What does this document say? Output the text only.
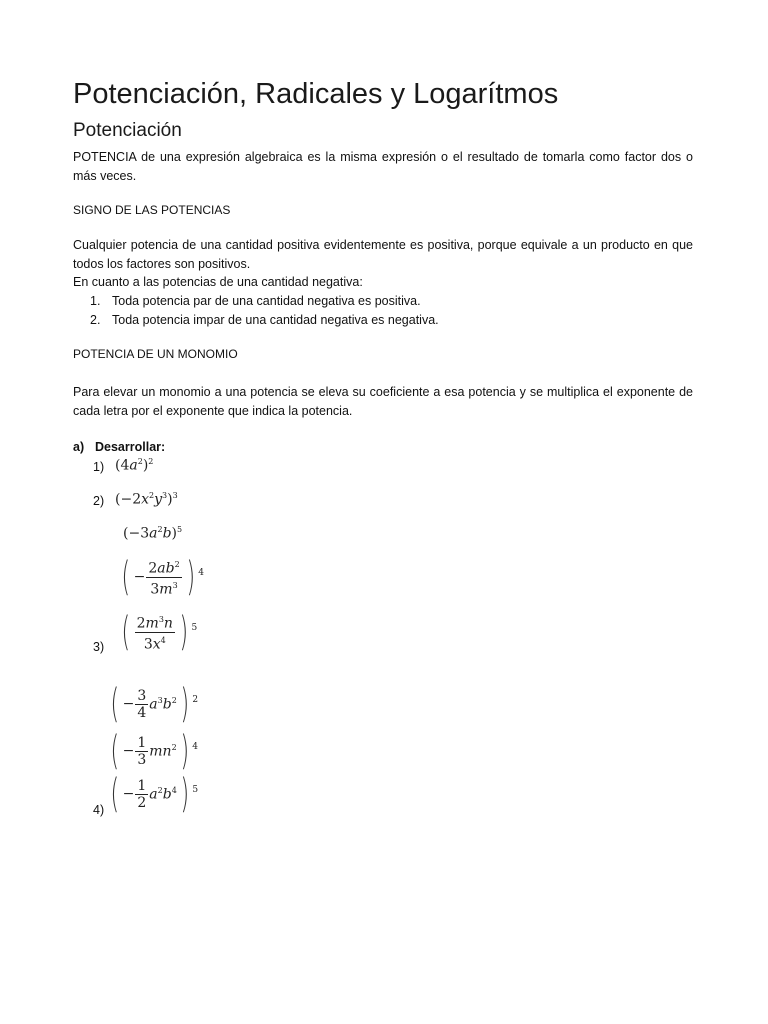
Potenciación, Radicales y Logarítmos
Potenciación
POTENCIA de una expresión algebraica es la misma expresión o el resultado de tomarla como factor dos o más veces.
SIGNO DE LAS POTENCIAS
Cualquier potencia de una cantidad positiva evidentemente es positiva, porque equivale a un producto en que todos los factores son positivos.
En cuanto a las potencias de una cantidad negativa:
1. Toda potencia par de una cantidad negativa es positiva.
2. Toda potencia impar de una cantidad negativa es negativa.
POTENCIA DE UN MONOMIO
Para elevar un monomio a una potencia se eleva su coeficiente a esa potencia y se multiplica el exponente de cada letra por el exponente que indica la potencia.
a) Desarrollar:
1) $(4a^2)^2$
2) $(-2x^2y^3)^3$
$(-3a^2b)^5$
( − $\frac{2ab^2}{3m^3}$ ) 4
( $\frac{2m^3n}{3x^4}$ ) 5
3)
( − $\frac{3}{4} a^3b^2$ ) 2
( − $\frac{1}{3} mn^2$ ) 4
( − $\frac{1}{2} a^2b^4$ ) 5
4)
